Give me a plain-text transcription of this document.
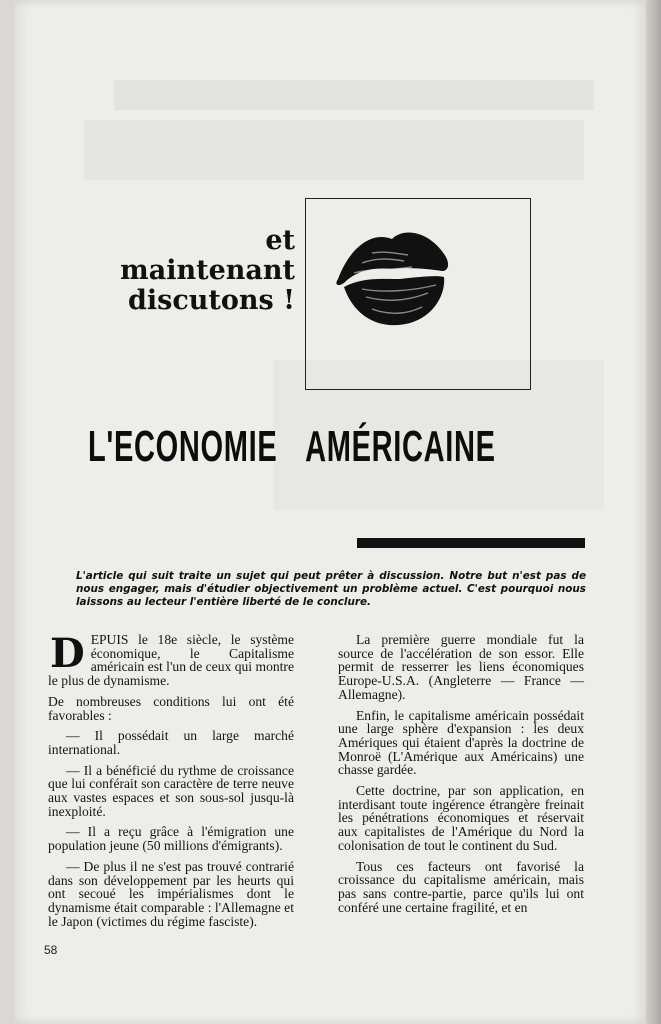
et
maintenant
discutons !
L'ECONOMIE AMÉRICAINE
L'article qui suit traite un sujet qui peut prêter à discussion. Notre but n'est pas de nous engager, mais d'étudier objectivement un problème actuel. C'est pourquoi nous laissons au lecteur l'entière liberté de le conclure.

DEPUIS le 18e siècle, le système économique, le Capitalisme américain est l'un de ceux qui montre le plus de dynamisme.

De nombreuses conditions lui ont été favorables :

— Il possédait un large marché international.

— Il a bénéficié du rythme de croissance que lui conférait son caractère de terre neuve aux vastes espaces et son sous-sol jusqu-là inexploité.

— Il a reçu grâce à l'émigration une population jeune (50 millions d'émigrants).

— De plus il ne s'est pas trouvé contrarié dans son développement par les heurts qui ont secoué les impérialismes dont le dynamisme était comparable : l'Allemagne et le Japon (victimes du régime fasciste).

La première guerre mondiale fut la source de l'accélération de son essor. Elle permit de resserrer les liens économiques Europe-U.S.A. (Angleterre — France — Allemagne).

Enfin, le capitalisme américain possédait une large sphère d'expansion : les deux Amériques qui étaient d'après la doctrine de Monroë (L'Amérique aux Américains) une chasse gardée.

Cette doctrine, par son application, en interdisant toute ingérence étrangère freinait les pénétrations économiques et réservait aux capitalistes de l'Amérique du Nord la colonisation de tout le continent du Sud.

Tous ces facteurs ont favorisé la croissance du capitalisme américain, mais pas sans contre-partie, parce qu'ils lui ont conféré une certaine fragilité, et en

58
